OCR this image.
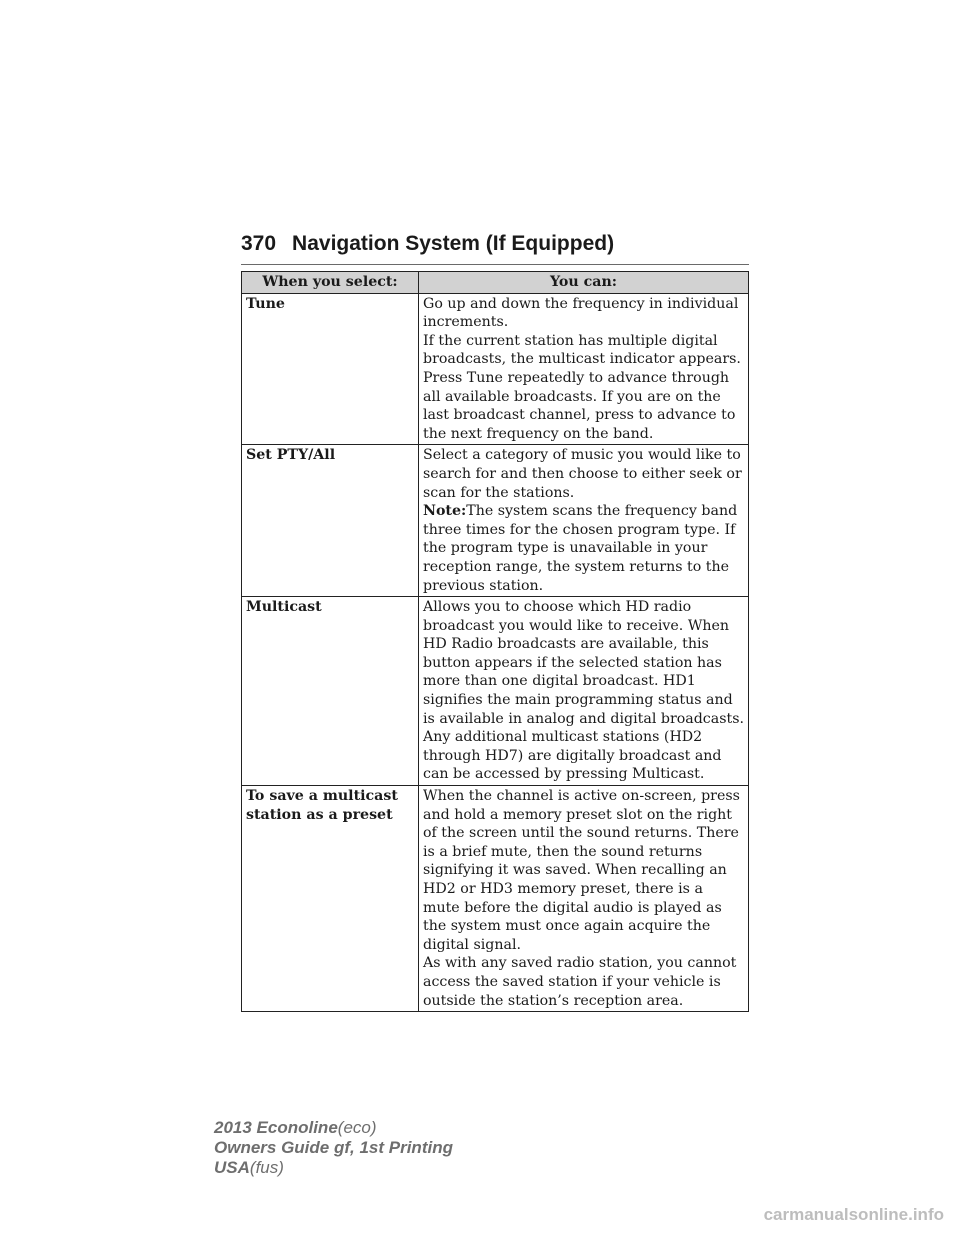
370 Navigation System (If Equipped)
When you select:	You can:
Tune	Go up and down the frequency in individual increments.

If the current station has multiple digital broadcasts, the multicast indicator appears. Press Tune repeatedly to advance through all available broadcasts. If you are on the last broadcast channel, press to advance to the next frequency on the band.

Set PTY/All	Select a category of music you would like to search for and then choose to either seek or scan for the stations.

Note:The system scans the frequency band three times for the chosen program type. If the program type is unavailable in your reception range, the system returns to the previous station.

Multicast	Allows you to choose which HD radio broadcast you would like to receive. When HD Radio broadcasts are available, this button appears if the selected station has more than one digital broadcast. HD1 signifies the main programming status and is available in analog and digital broadcasts. Any additional multicast stations (HD2 through HD7) are digitally broadcast and can be accessed by pressing Multicast.

To save a multicast station as a preset	When the channel is active on-screen, press and hold a memory preset slot on the right of the screen until the sound returns. There is a brief mute, then the sound returns signifying it was saved. When recalling an HD2 or HD3 memory preset, there is a mute before the digital audio is played as the system must once again acquire the digital signal.

As with any saved radio station, you cannot access the saved station if your vehicle is outside the station’s reception area.

2013 Econoline(eco)
Owners Guide gf, 1st Printing
USA(fus)
carmanualsonline.info
